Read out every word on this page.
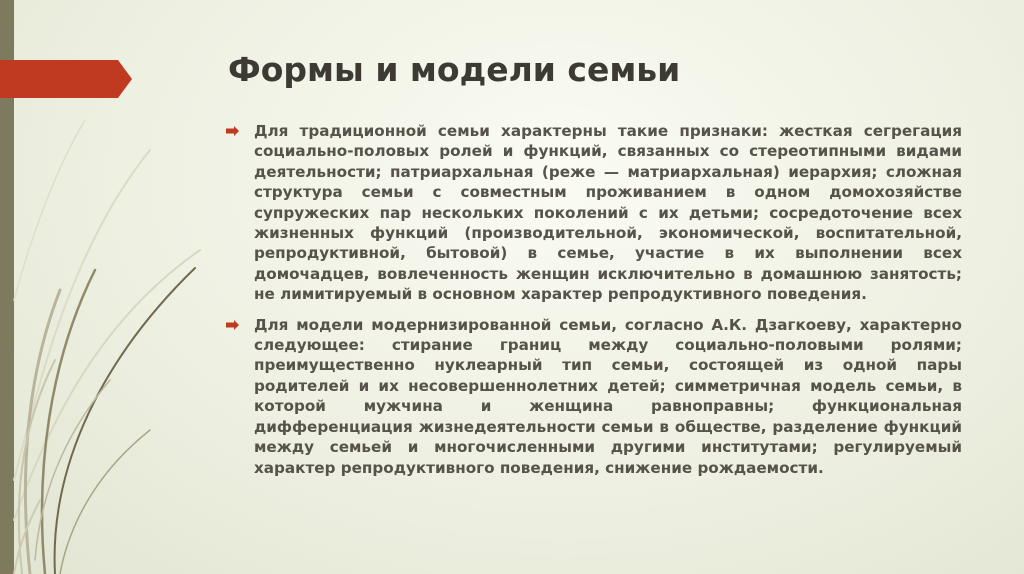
Формы и модели семьи

Для традиционной семьи характерны такие признаки: жесткая сегрегация социально-половых ролей и функций, связанных со стереотипными видами деятельности; патриархальная (реже — матриархальная) иерархия; сложная структура семьи с совместным проживанием в одном домохозяйстве супружеских пар нескольких поколений с их детьми; сосредоточение всех жизненных функций (производительной, экономической, воспитательной, репродуктивной, бытовой) в семье, участие в их выполнении всех домочадцев, вовлеченность женщин исключительно в домашнюю занятость; не лимитируемый в основном характер репродуктивного поведения.

Для модели модернизированной семьи, согласно А.К. Дзагкоеву, характерно следующее: стирание границ между социально-половыми ролями; преимущественно нуклеарный тип семьи, состоящей из одной пары родителей и их несовершеннолетних детей; симметричная модель семьи, в которой мужчина и женщина равноправны; функциональная дифференциация жизнедеятельности семьи в обществе, разделение функций между семьей и многочисленными другими институтами; регулируемый характер репродуктивного поведения, снижение рождаемости.
